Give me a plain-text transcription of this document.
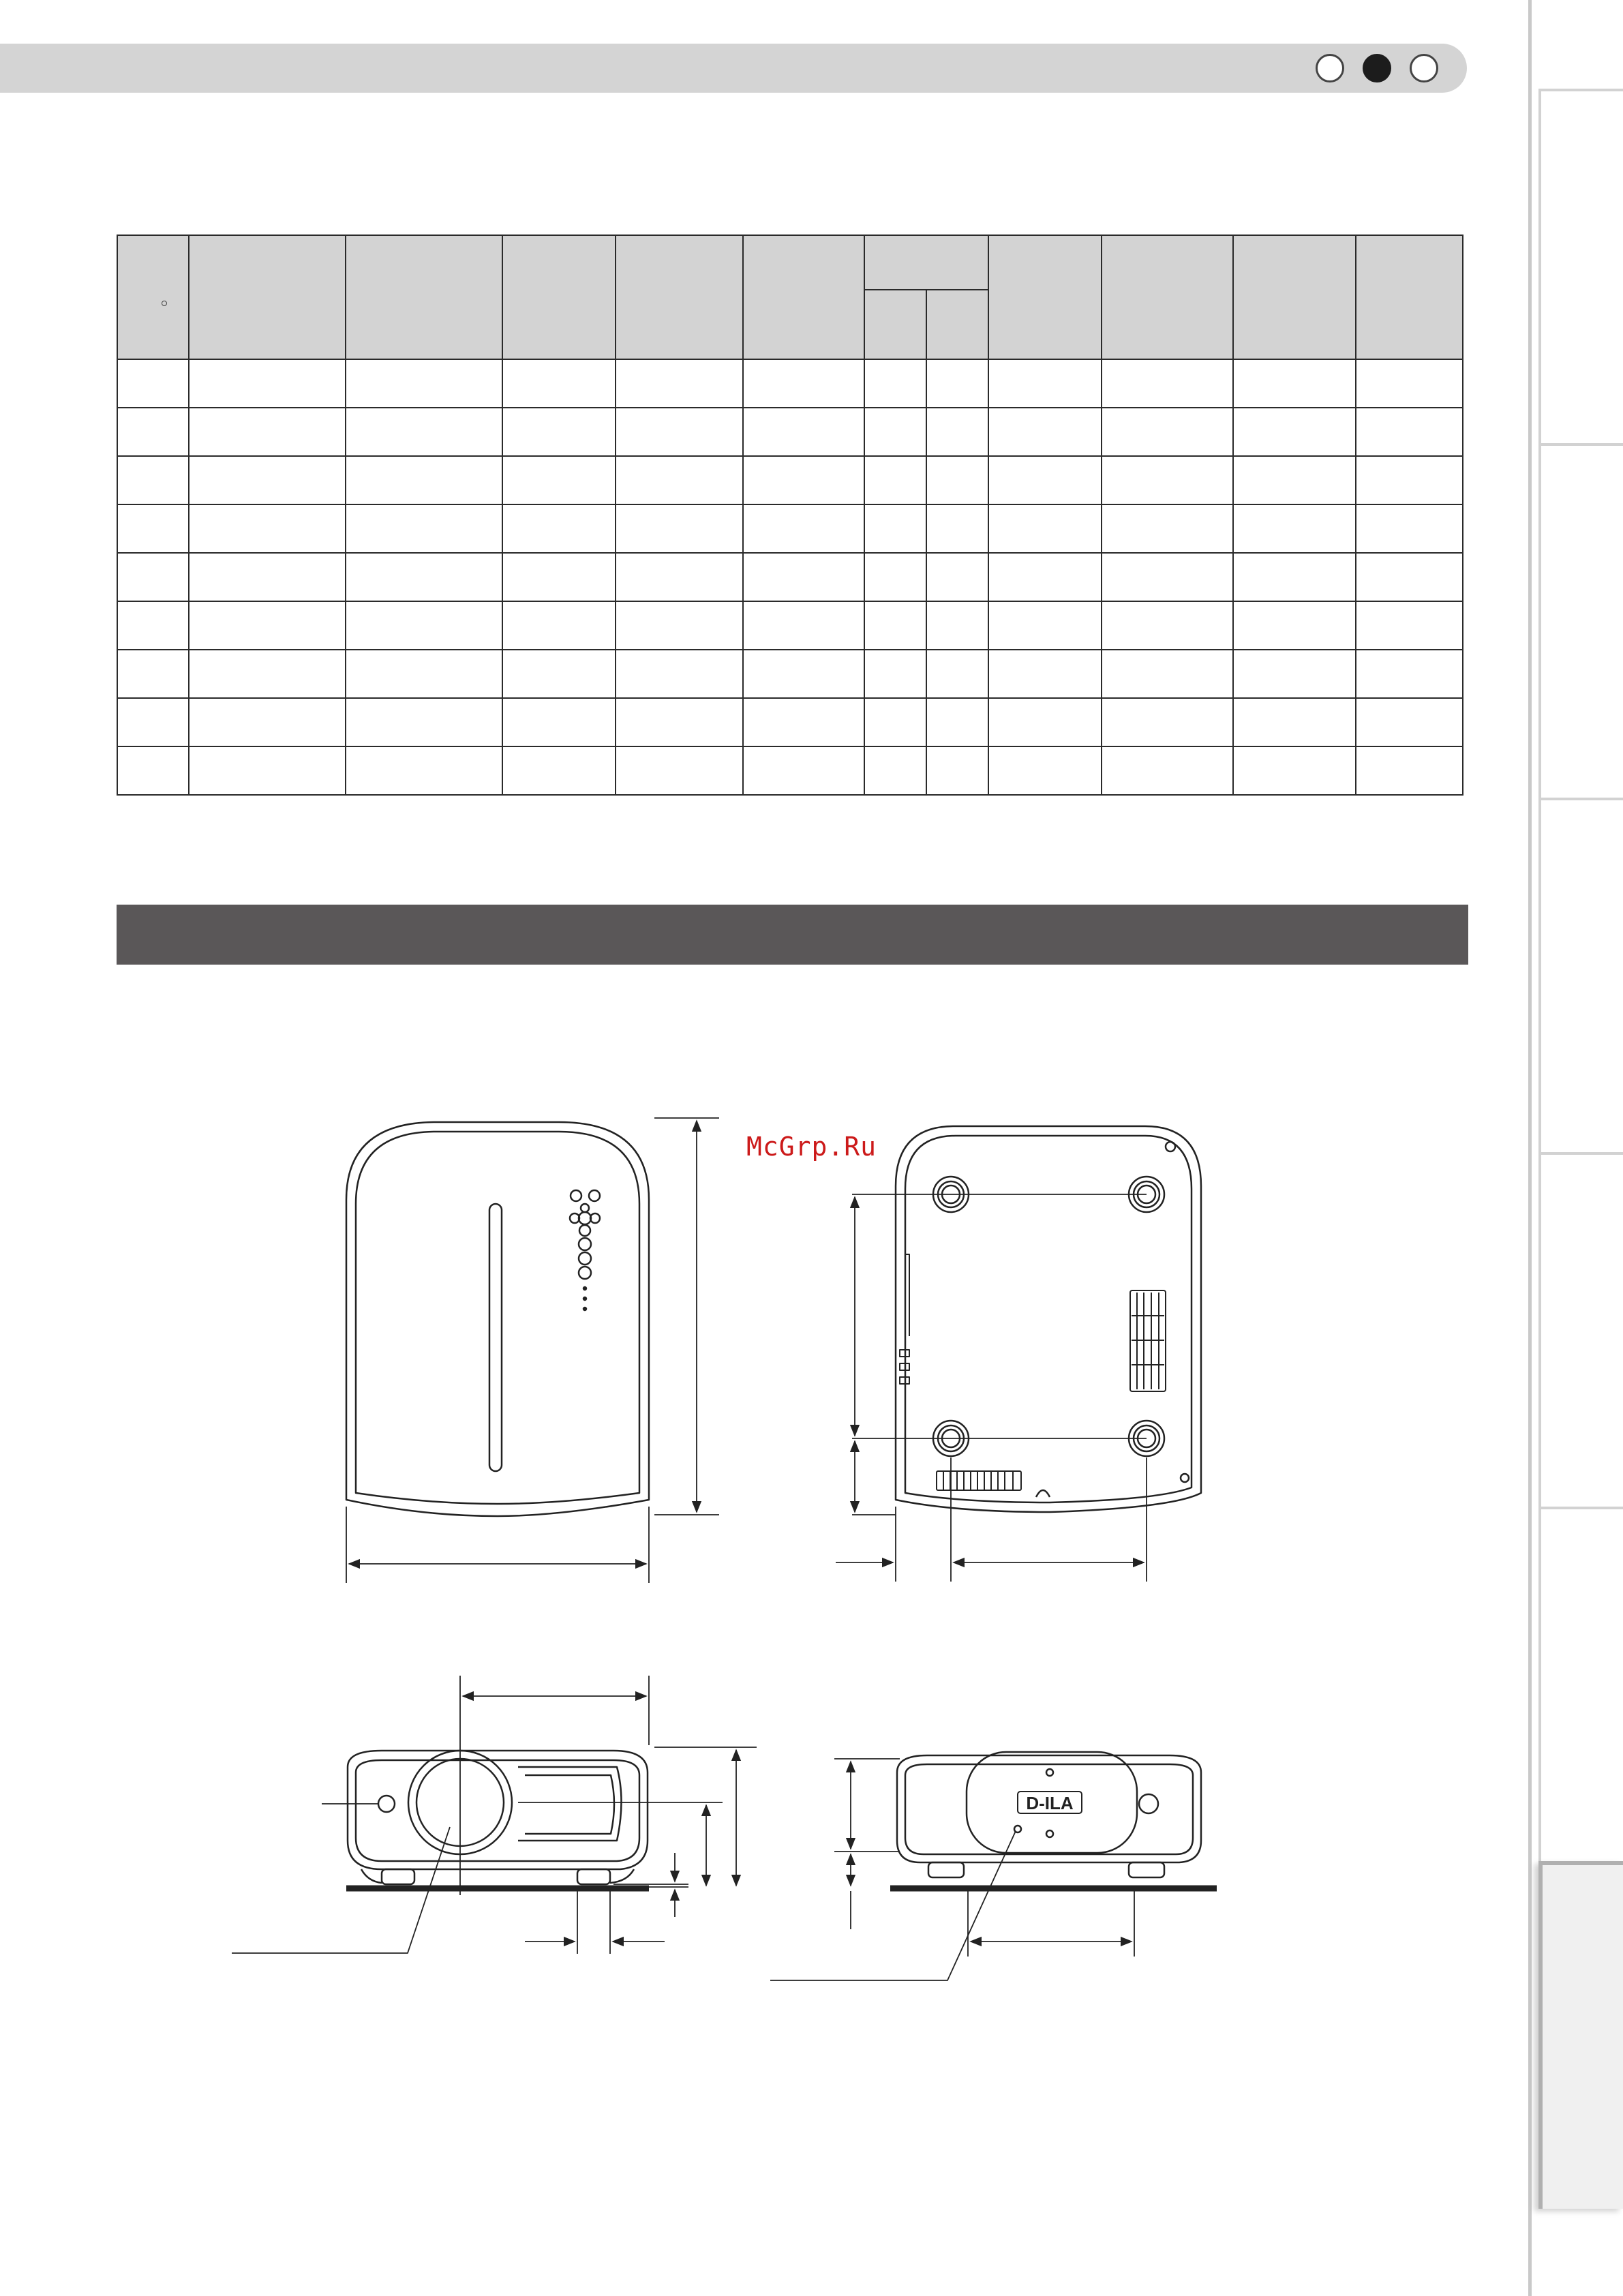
McGrp.Ru
D-ILA
